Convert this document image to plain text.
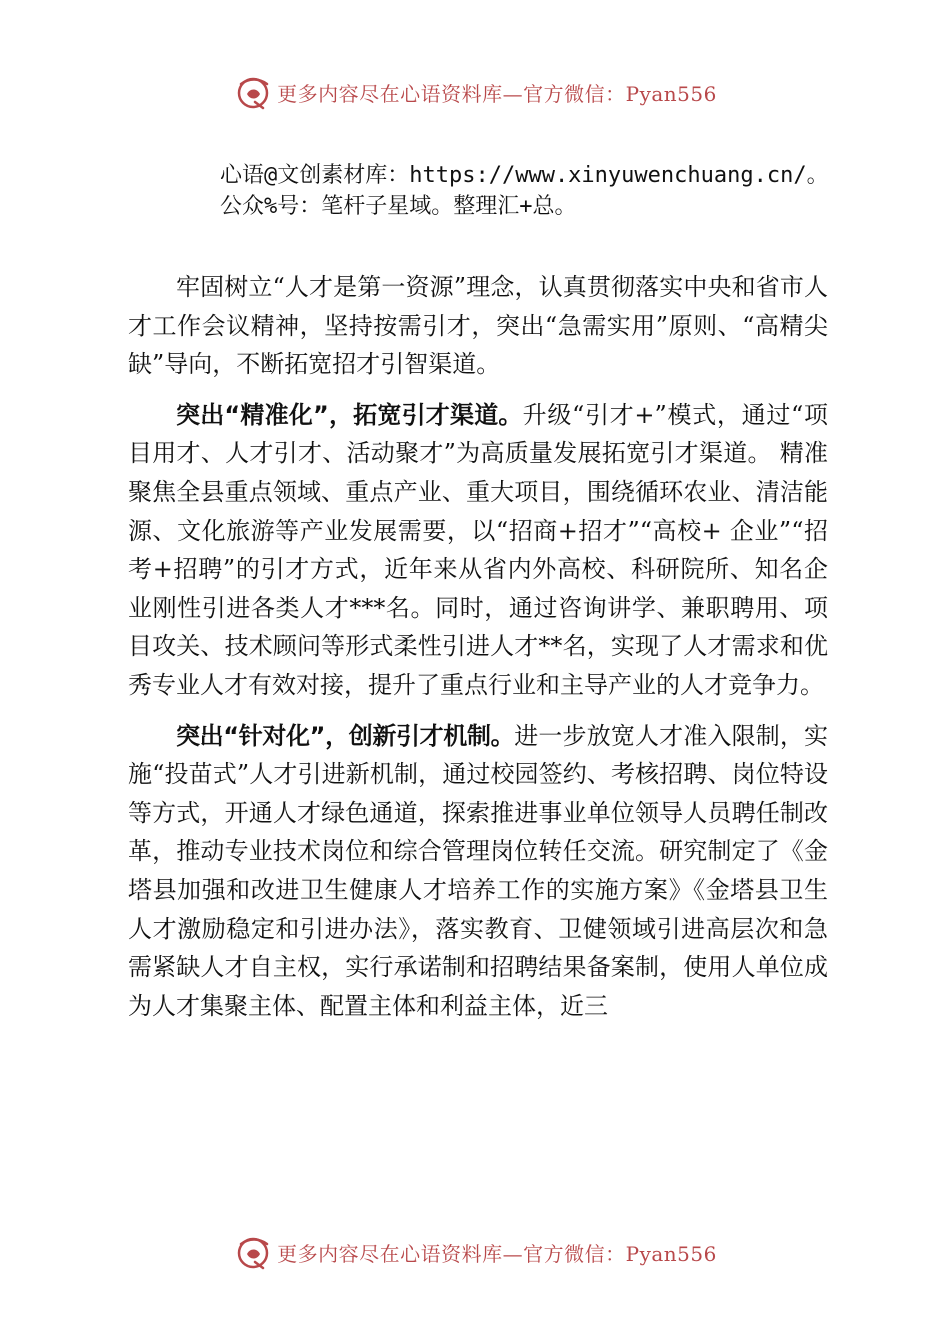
更多内容尽在心语资料库—官方微信：Pyan556
心语@文创素材库：https://www.xinyuwenchuang.cn/。
公众%号：笔杆子星域。整理汇+总。

牢固树立“人才是第一资源”理念，认真贯彻落实中央和省市人才工作会议精神，坚持按需引才，突出“急需实用”原则、“高精尖缺”导向，不断拓宽招才引智渠道。

突出“精准化”，拓宽引才渠道。升级“引才+”模式，通过“项目用才、人才引才、活动聚才”为高质量发展拓宽引才渠道。 精准聚焦全县重点领域、重点产业、重大项目，围绕循环农业、清洁能源、文化旅游等产业发展需要，以“招商+招才”“高校+ 企业”“招考+招聘”的引才方式，近年来从省内外高校、科研院所、知名企业刚性引进各类人才***名。同时，通过咨询讲学、兼职聘用、项目攻关、技术顾问等形式柔性引进人才**名，实现了人才需求和优秀专业人才有效对接，提升了重点行业和主导产业的人才竞争力。

突出“针对化”，创新引才机制。进一步放宽人才准入限制，实施“投苗式”人才引进新机制，通过校园签约、考核招聘、岗位特设等方式，开通人才绿色通道，探索推进事业单位领导人员聘任制改革，推动专业技术岗位和综合管理岗位转任交流。研究制定了《金塔县加强和改进卫生健康人才培养工作的实施方案》《金塔县卫生人才激励稳定和引进办法》，落实教育、卫健领域引进高层次和急需紧缺人才自主权，实行承诺制和招聘结果备案制，使用人单位成为人才集聚主体、配置主体和利益主体，近三

更多内容尽在心语资料库—官方微信：Pyan556
